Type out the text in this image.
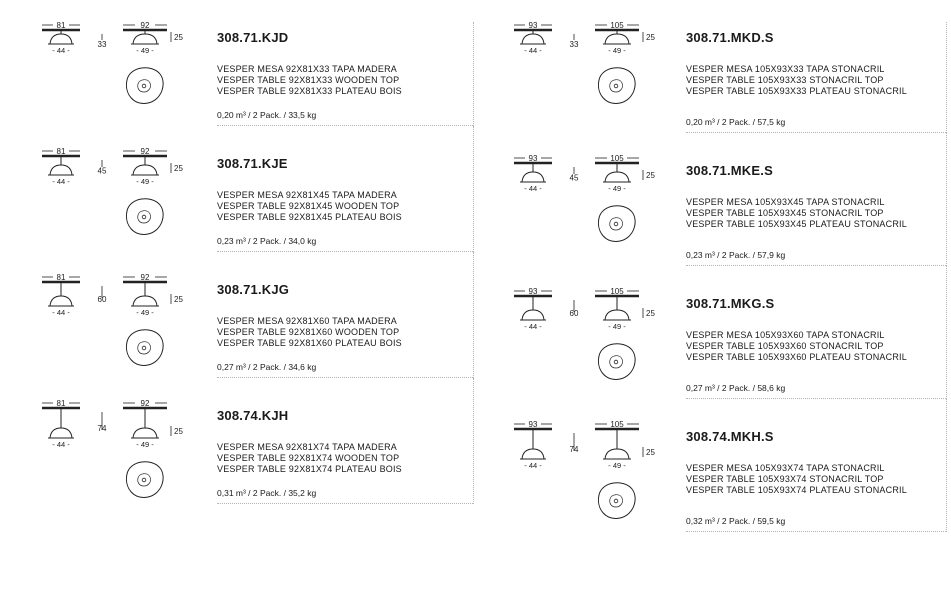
81
- 44 -
33
92
- 49 -
25	308.71.KJD
VESPER MESA 92X81X33 TAPA MADERA
VESPER TABLE 92X81X33 WOODEN TOP
VESPER TABLE 92X81X33 PLATEAU BOIS
0,20 m³ / 2 Pack. / 33,5 kg
81
- 44 -
45
92
- 49 -
25	308.71.KJE
VESPER MESA 92X81X45 TAPA MADERA
VESPER TABLE 92X81X45 WOODEN TOP
VESPER TABLE 92X81X45 PLATEAU BOIS
0,23 m³ / 2 Pack. / 34,0 kg
81
- 44 -
60
92
- 49 -
25
308.71.KJG
VESPER MESA 92X81X60 TAPA MADERA
VESPER TABLE 92X81X60 WOODEN TOP
VESPER TABLE 92X81X60 PLATEAU BOIS
0,27 m³ / 2 Pack. / 34,6 kg
81
- 44 -
74
92
- 49 -
25
308.74.KJH
VESPER MESA 92X81X74 TAPA MADERA
VESPER TABLE 92X81X74 WOODEN TOP
VESPER TABLE 92X81X74 PLATEAU BOIS
0,31 m³ / 2 Pack. / 35,2 kg
93
- 44 -
33
105
- 49 -
25 308.71.MKD.S
VESPER MESA 105X93X33 TAPA STONACRIL
VESPER TABLE 105X93X33 STONACRIL TOP
VESPER TABLE 105X93X33 PLATEAU STONACRIL
0,20 m³ / 2 Pack. / 57,5 kg
93
- 44 -
45
105
- 49 -
25 308.71.MKE.S
VESPER MESA 105X93X45 TAPA STONACRIL
VESPER TABLE 105X93X45 STONACRIL TOP
VESPER TABLE 105X93X45 PLATEAU STONACRIL
0,23 m³ / 2 Pack. / 57,9 kg
93
- 44 -
60
105
- 49 -
25
308.71.MKG.S
VESPER MESA 105X93X60 TAPA STONACRIL
VESPER TABLE 105X93X60 STONACRIL TOP
VESPER TABLE 105X93X60 PLATEAU STONACRIL
0,27 m³ / 2 Pack. / 58,6 kg
93
- 44 -
74
105
- 49 -
25
308.74.MKH.S
VESPER MESA 105X93X74 TAPA STONACRIL
VESPER TABLE 105X93X74 STONACRIL TOP
VESPER TABLE 105X93X74 PLATEAU STONACRIL
0,32 m³ / 2 Pack. / 59,5 kg
